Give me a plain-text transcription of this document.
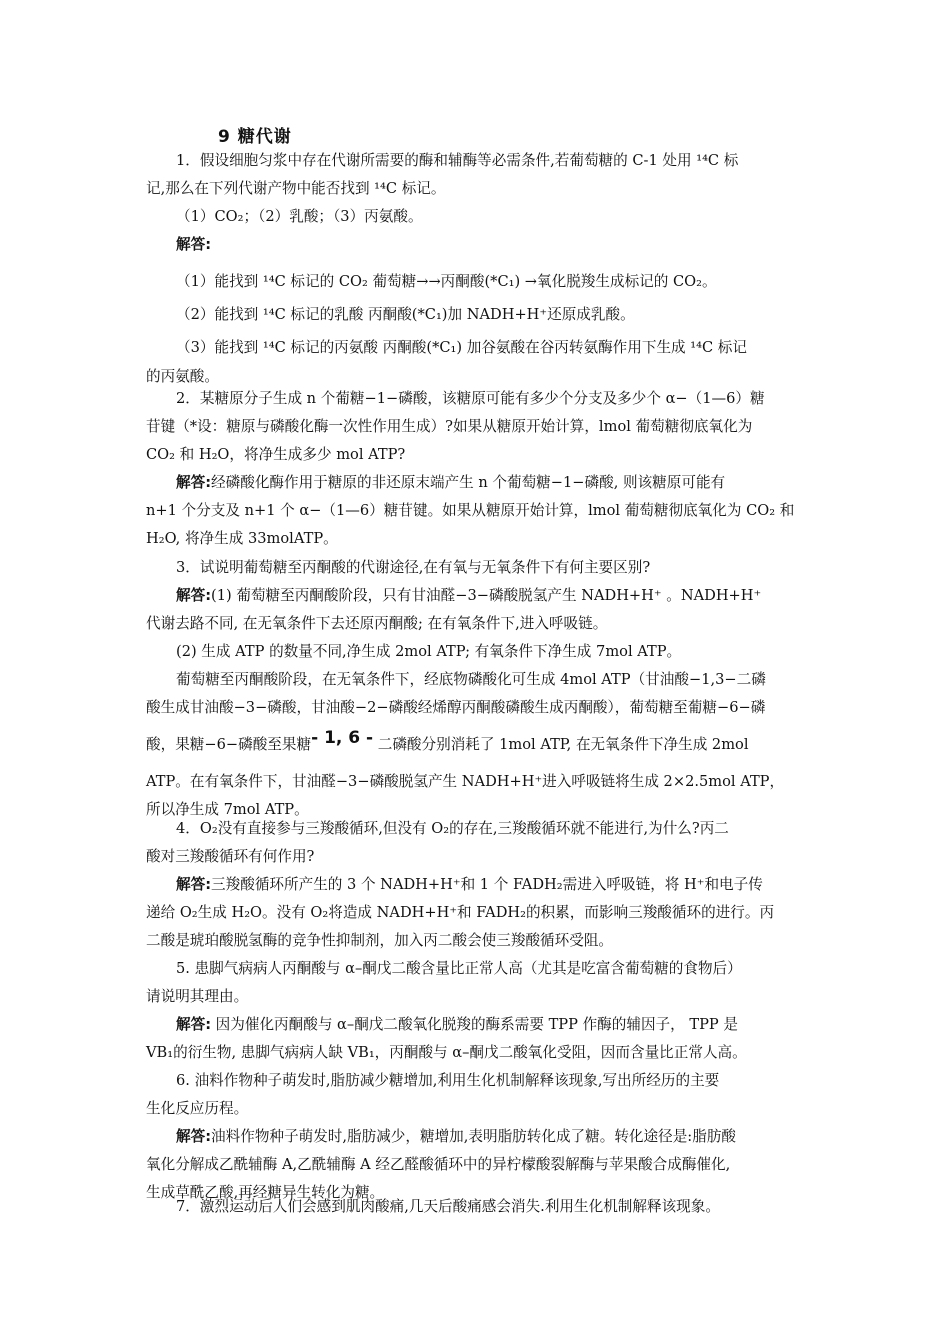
9 糖代谢
1．假设细胞匀浆中存在代谢所需要的酶和辅酶等必需条件,若葡萄糖的 C-1 处用 ¹⁴C 标
记,那么在下列代谢产物中能否找到 ¹⁴C 标记。
（1）CO₂；（2）乳酸；（3）丙氨酸。
解答:
（1）能找到 ¹⁴C 标记的 CO₂ 葡萄糖→→丙酮酸(*C₁) →氧化脱羧生成标记的 CO₂。
（2）能找到 ¹⁴C 标记的乳酸 丙酮酸(*C₁)加 NADH+H⁺还原成乳酸。
（3）能找到 ¹⁴C 标记的丙氨酸 丙酮酸(*C₁) 加谷氨酸在谷丙转氨酶作用下生成 ¹⁴C 标记
的丙氨酸。
2．某糖原分子生成 n 个葡糖−1−磷酸，该糖原可能有多少个分支及多少个 α−（1—6）糖
苷键（*设：糖原与磷酸化酶一次性作用生成）?如果从糖原开始计算，lmol 葡萄糖彻底氧化为
CO₂ 和 H₂O，将净生成多少 mol ATP?
解答:经磷酸化酶作用于糖原的非还原末端产生 n 个葡萄糖−1−磷酸, 则该糖原可能有
n+1 个分支及 n+1 个 α−（1—6）糖苷键。如果从糖原开始计算，lmol 葡萄糖彻底氧化为 CO₂ 和
H₂O, 将净生成 33molATP。
3．试说明葡萄糖至丙酮酸的代谢途径,在有氧与无氧条件下有何主要区别?
解答:(1) 葡萄糖至丙酮酸阶段，只有甘油醛−3−磷酸脱氢产生 NADH+H⁺ 。NADH+H⁺
代谢去路不同, 在无氧条件下去还原丙酮酸; 在有氧条件下,进入呼吸链。
(2) 生成 ATP 的数量不同,净生成 2mol ATP; 有氧条件下净生成 7mol ATP。
葡萄糖至丙酮酸阶段，在无氧条件下，经底物磷酸化可生成 4mol ATP（甘油酸−1,3−二磷
酸生成甘油酸−3−磷酸，甘油酸−2−磷酸经烯醇丙酮酸磷酸生成丙酮酸），葡萄糖至葡糖−6−磷
酸，果糖−6−磷酸至果糖- 1, 6 - 二磷酸分别消耗了 1mol ATP, 在无氧条件下净生成 2mol
ATP。在有氧条件下，甘油醛−3−磷酸脱氢产生 NADH+H⁺进入呼吸链将生成 2×2.5mol ATP，
所以净生成 7mol ATP。
4．O₂没有直接参与三羧酸循环,但没有 O₂的存在,三羧酸循环就不能进行,为什么?丙二
酸对三羧酸循环有何作用?
解答:三羧酸循环所产生的 3 个 NADH+H⁺和 1 个 FADH₂需进入呼吸链，将 H⁺和电子传
递给 O₂生成 H₂O。没有 O₂将造成 NADH+H⁺和 FADH₂的积累，而影响三羧酸循环的进行。丙
二酸是琥珀酸脱氢酶的竞争性抑制剂，加入丙二酸会使三羧酸循环受阻。
5. 患脚气病病人丙酮酸与 α–酮戊二酸含量比正常人高（尤其是吃富含葡萄糖的食物后）
请说明其理由。
解答: 因为催化丙酮酸与 α–酮戊二酸氧化脱羧的酶系需要 TPP 作酶的辅因子， TPP 是
VB₁的衍生物, 患脚气病病人缺 VB₁，丙酮酸与 α–酮戊二酸氧化受阻，因而含量比正常人高。
6. 油料作物种子萌发时,脂肪减少糖增加,利用生化机制解释该现象,写出所经历的主要
生化反应历程。
解答:油料作物种子萌发时,脂肪减少，糖增加,表明脂肪转化成了糖。转化途径是:脂肪酸
氧化分解成乙酰辅酶 A,乙酰辅酶 A 经乙醛酸循环中的异柠檬酸裂解酶与苹果酸合成酶催化,
生成草酰乙酸,再经糖异生转化为糖。
7．激烈运动后人们会感到肌肉酸痛,几天后酸痛感会消失.利用生化机制解释该现象。
